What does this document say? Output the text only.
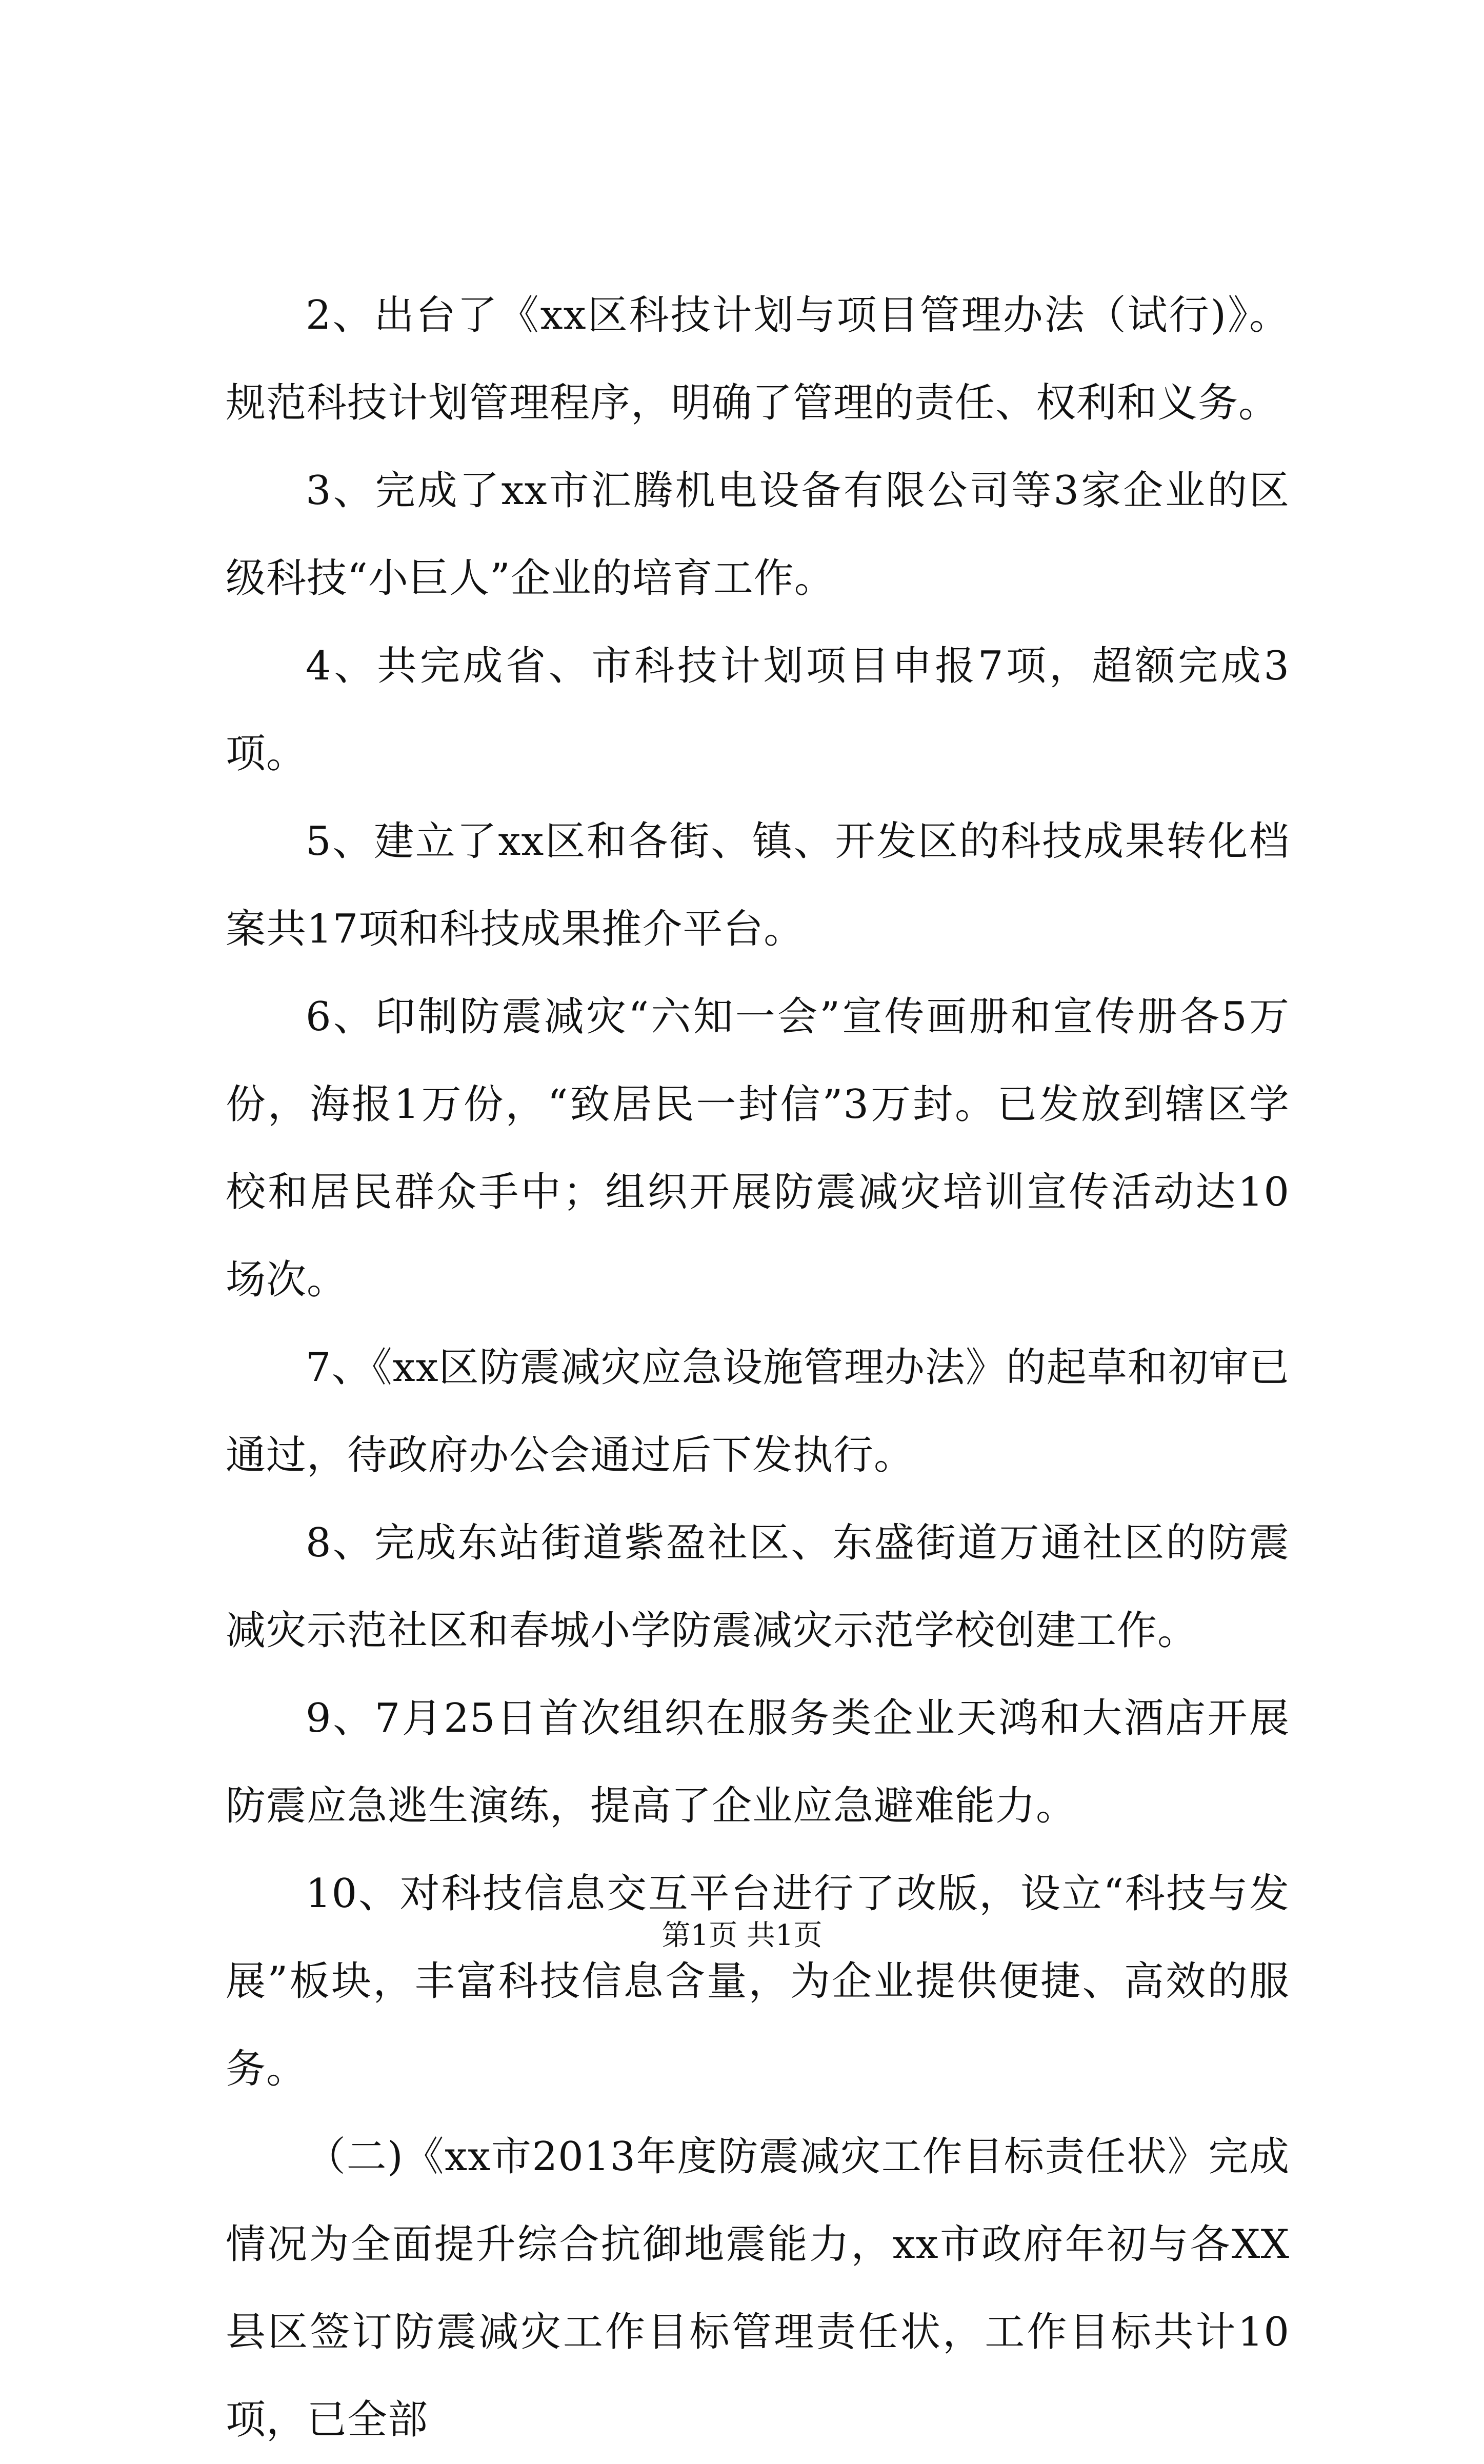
2、出台了《xx区科技计划与项目管理办法（试行)》。规范科技计划管理程序，明确了管理的责任、权利和义务。

3、完成了xx市汇腾机电设备有限公司等3家企业的区级科技“小巨人”企业的培育工作。

4、共完成省、市科技计划项目申报7项，超额完成3项。

5、建立了xx区和各街、镇、开发区的科技成果转化档案共17项和科技成果推介平台。

6、印制防震减灾“六知一会”宣传画册和宣传册各5万份，海报1万份，“致居民一封信”3万封。已发放到辖区学校和居民群众手中；组织开展防震减灾培训宣传活动达10场次。

7、《xx区防震减灾应急设施管理办法》的起草和初审已通过，待政府办公会通过后下发执行。

8、完成东站街道紫盈社区、东盛街道万通社区的防震减灾示范社区和春城小学防震减灾示范学校创建工作。

9、7月25日首次组织在服务类企业天鸿和大酒店开展防震应急逃生演练，提高了企业应急避难能力。

10、对科技信息交互平台进行了改版，设立“科技与发展”板块，丰富科技信息含量，为企业提供便捷、高效的服务。

（二)《xx市2013年度防震减灾工作目标责任状》完成情况为全面提升综合抗御地震能力，xx市政府年初与各XX县区签订防震减灾工作目标管理责任状，工作目标共计10项，已全部

第1页 共1页
